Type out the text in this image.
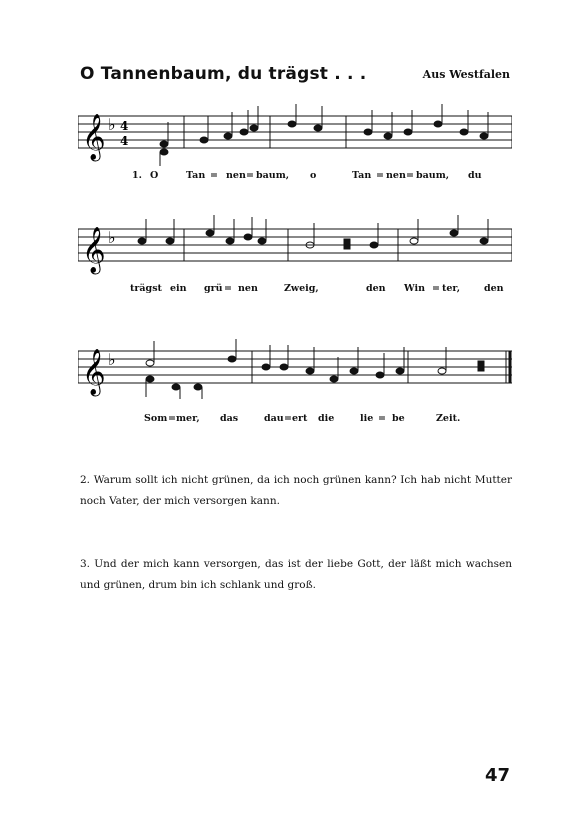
O Tannenbaum, du trägst . . .	Aus Westfalen
𝄞 ♭ 4
4
1. O	Tan = nen = baum, o	Tan = nen = baum, du
𝄞 ♭
trägst ein grü = nen	Zweig,	den Win = ter,	den
𝄞 ♭
Som = mer, das	dau = ert die	lie = be	Zeit.
2. Warum sollt ich nicht grünen, da ich noch grünen kann? Ich hab nicht Mutter noch Vater, der mich versorgen kann.
3. Und der mich kann versorgen, das ist der liebe Gott, der läßt mich wachsen und grünen, drum bin ich schlank und groß.
47
